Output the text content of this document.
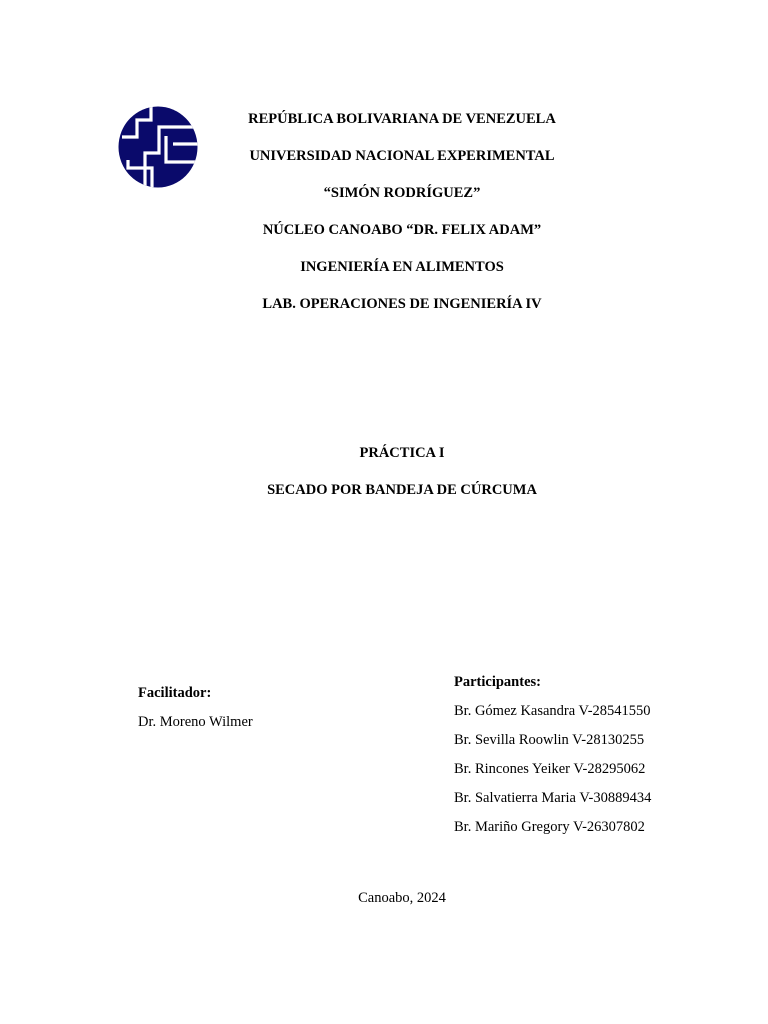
REPÚBLICA BOLIVARIANA DE VENEZUELA
UNIVERSIDAD NACIONAL EXPERIMENTAL
“SIMÓN RODRÍGUEZ”
NÚCLEO CANOABO “DR. FELIX ADAM”
INGENIERÍA EN ALIMENTOS
LAB. OPERACIONES DE INGENIERÍA IV
PRÁCTICA I
SECADO POR BANDEJA DE CÚRCUMA
Facilitador:
Dr. Moreno Wilmer
Participantes:
Br. Gómez Kasandra V-28541550
Br. Sevilla Roowlin V-28130255
Br. Rincones Yeiker V-28295062
Br. Salvatierra Maria V-30889434
Br. Mariño Gregory V-26307802
Canoabo, 2024
